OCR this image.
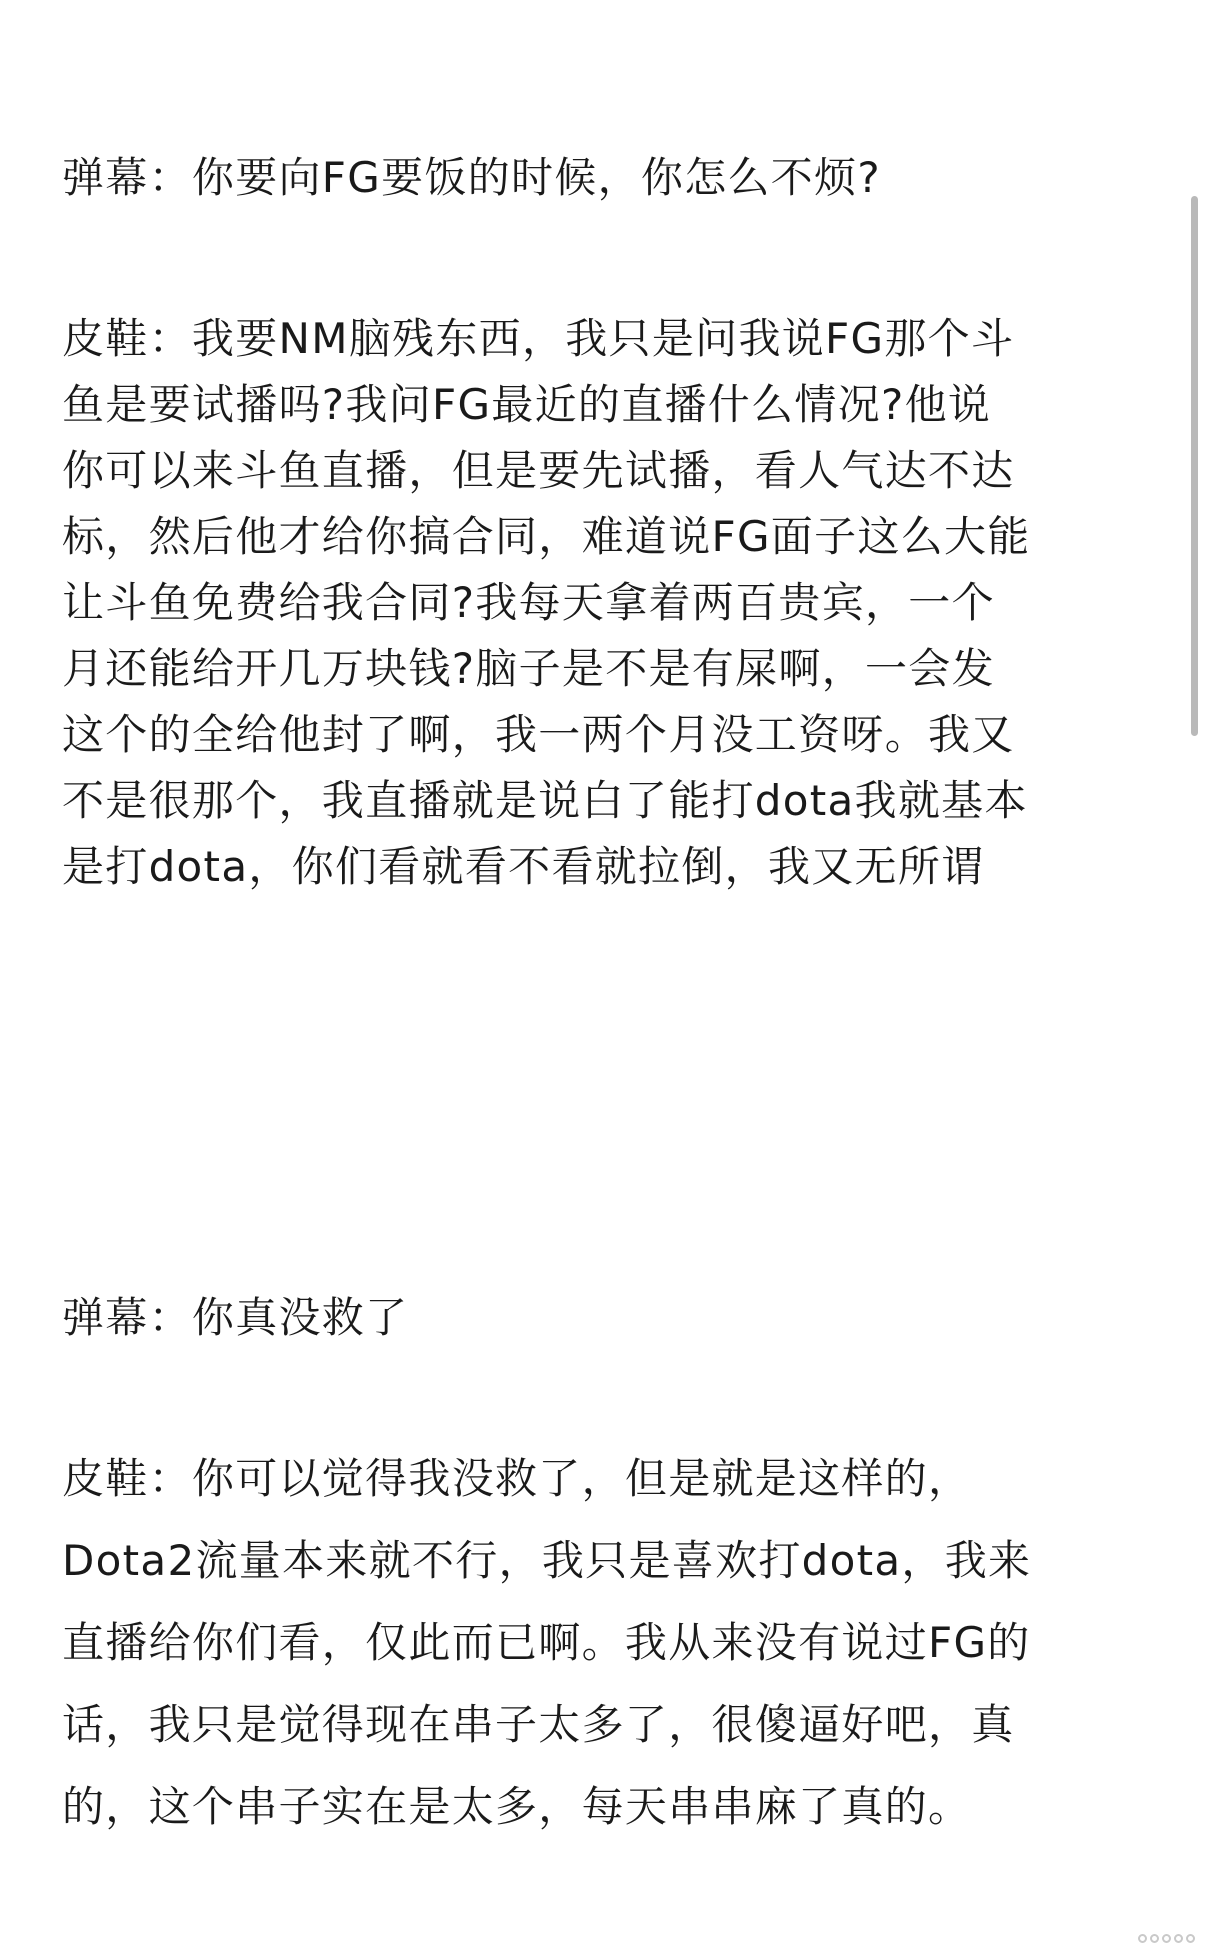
弹幕：你要向FG要饭的时候，你怎么不烦?
皮鞋：我要NM脑残东西，我只是问我说FG那个斗
鱼是要试播吗?我问FG最近的直播什么情况?他说
你可以来斗鱼直播，但是要先试播，看人气达不达
标，然后他才给你搞合同，难道说FG面子这么大能
让斗鱼免费给我合同?我每天拿着两百贵宾，一个
月还能给开几万块钱?脑子是不是有屎啊，一会发
这个的全给他封了啊，我一两个月没工资呀。我又
不是很那个，我直播就是说白了能打dota我就基本
是打dota，你们看就看不看就拉倒，我又无所谓
弹幕：你真没救了
皮鞋：你可以觉得我没救了，但是就是这样的，
Dota2流量本来就不行，我只是喜欢打dota，我来
直播给你们看，仅此而已啊。我从来没有说过FG的
话，我只是觉得现在串子太多了，很傻逼好吧，真
的，这个串子实在是太多，每天串串麻了真的。
